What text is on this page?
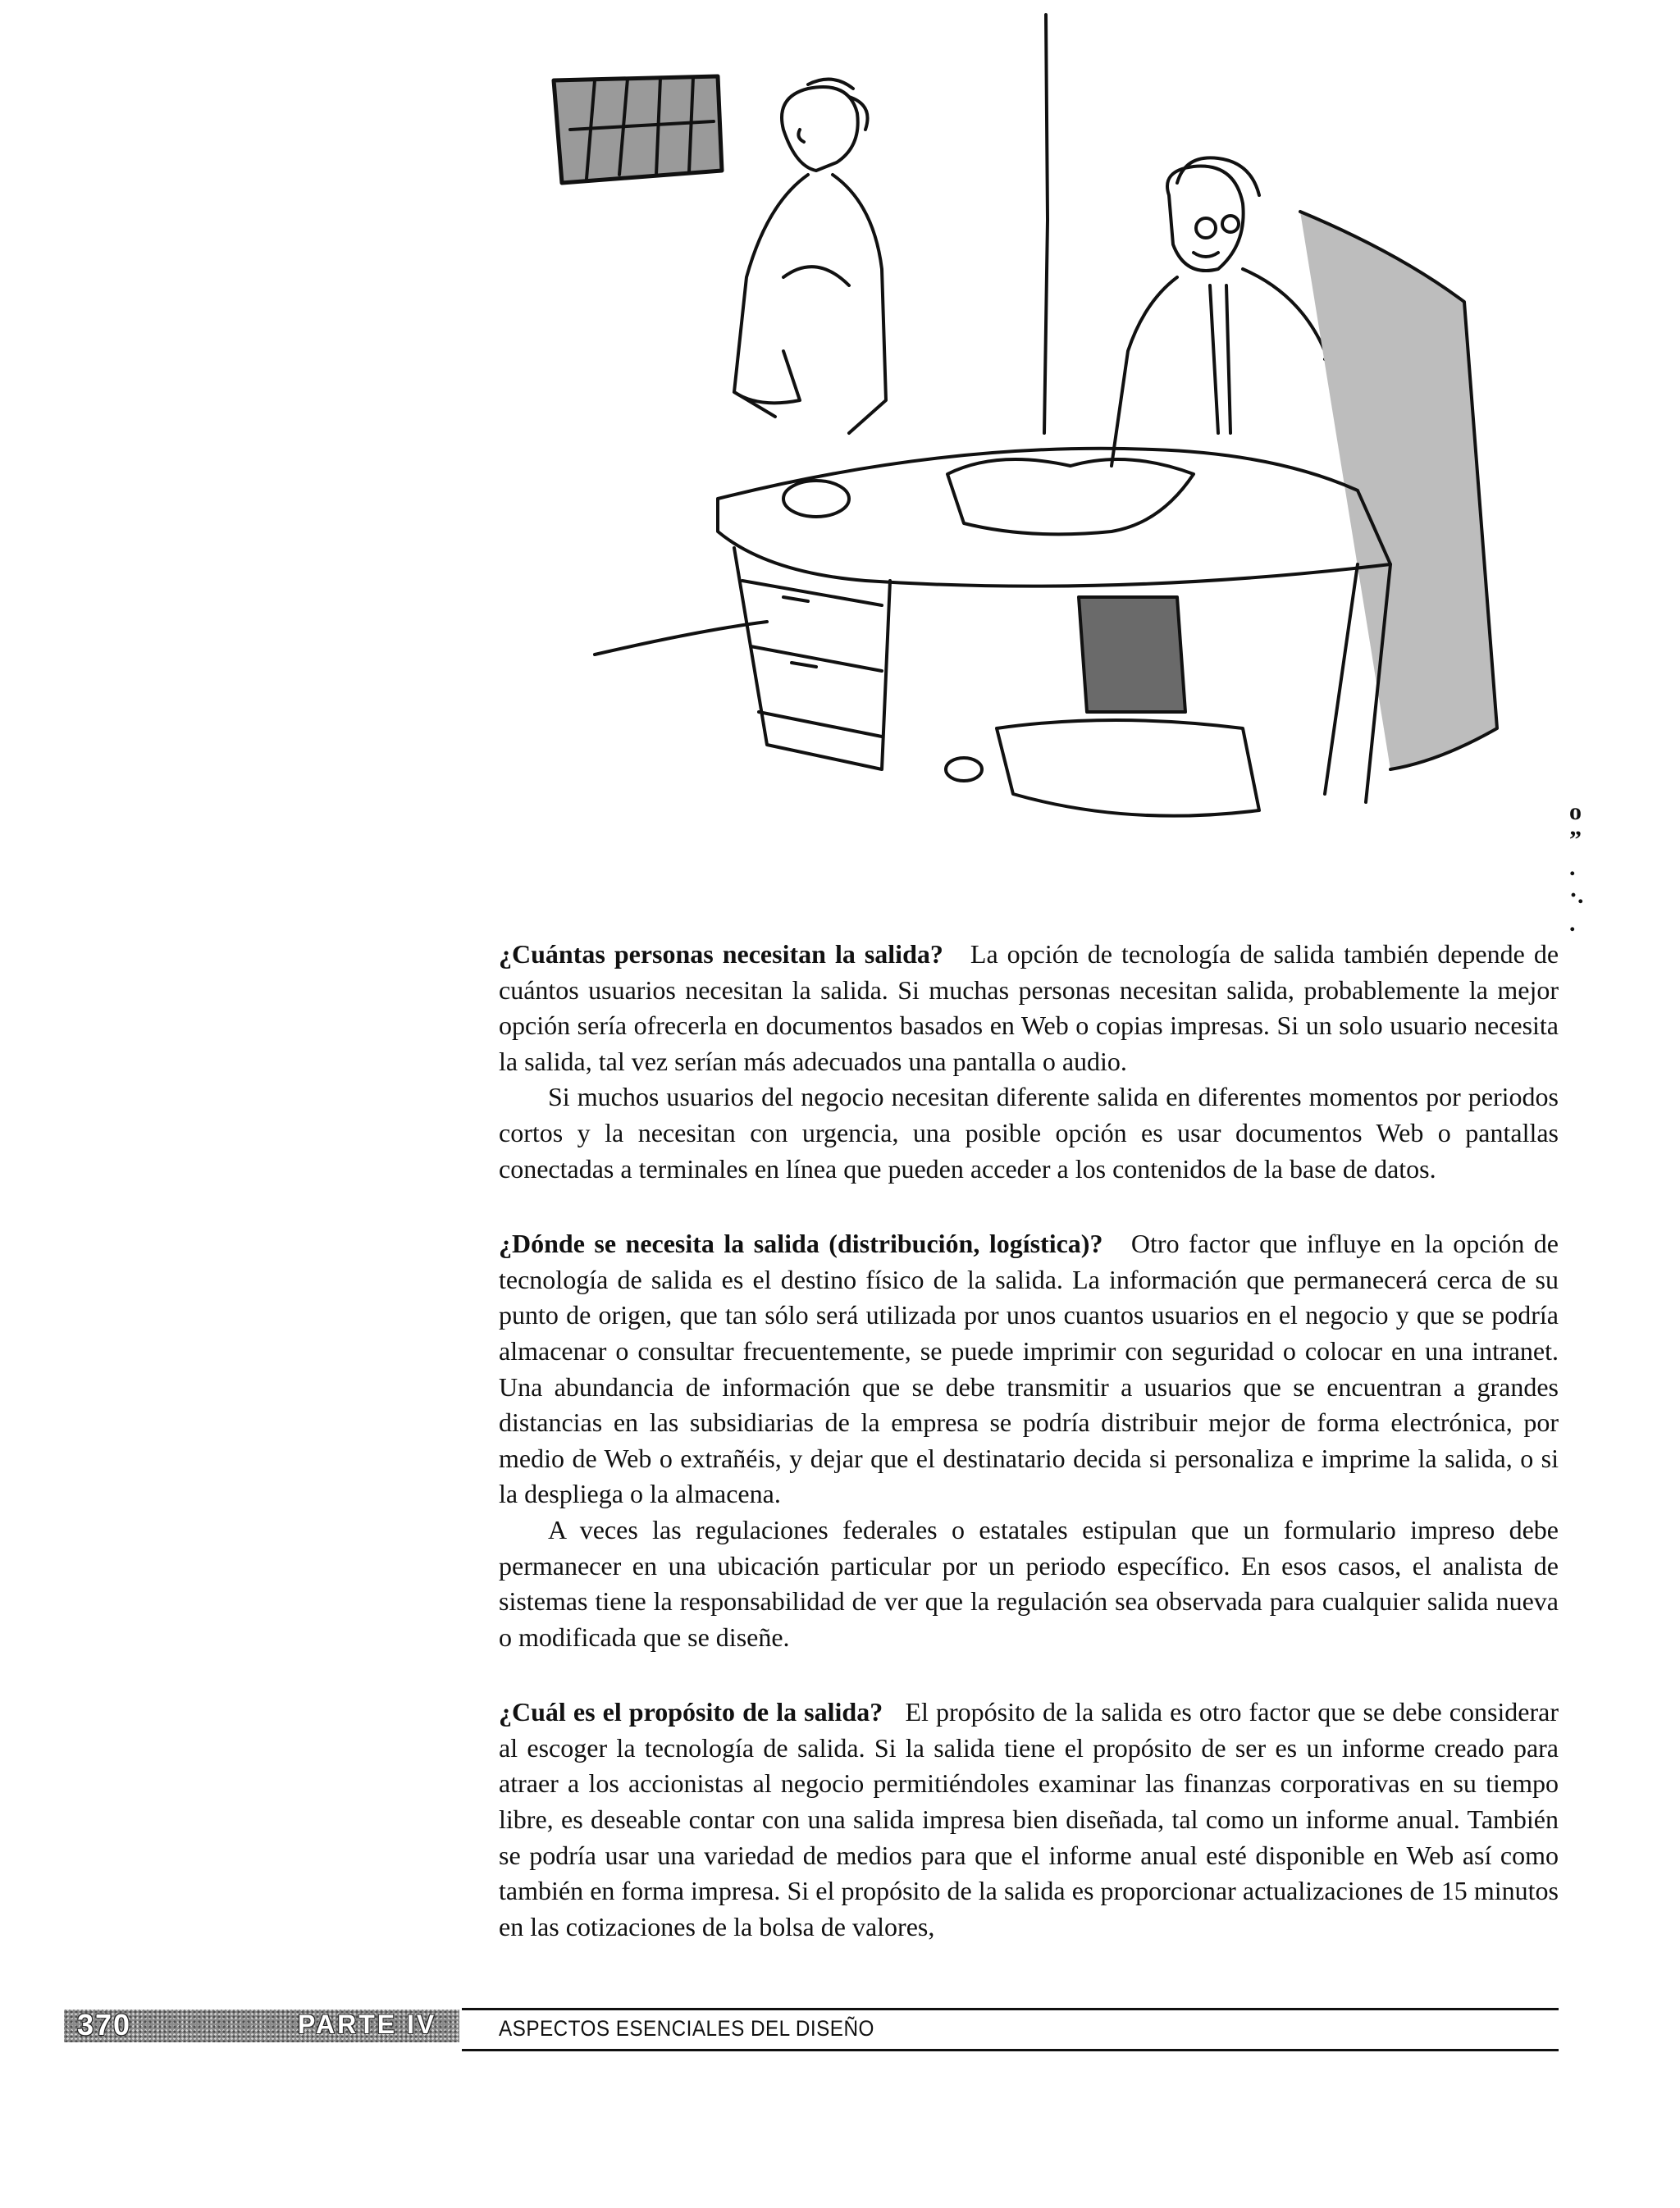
o ” . ·. .

¿Cuántas personas necesitan la salida? La opción de tecnología de salida también depende de cuántos usuarios necesitan la salida. Si muchas personas necesitan salida, probablemente la mejor opción sería ofrecerla en documentos basados en Web o copias impresas. Si un solo usuario necesita la salida, tal vez serían más adecuados una pantalla o audio.

Si muchos usuarios del negocio necesitan diferente salida en diferentes momentos por periodos cortos y la necesitan con urgencia, una posible opción es usar documentos Web o pantallas conectadas a terminales en línea que pueden acceder a los contenidos de la base de datos.

¿Dónde se necesita la salida (distribución, logística)? Otro factor que influye en la opción de tecnología de salida es el destino físico de la salida. La información que permanecerá cerca de su punto de origen, que tan sólo será utilizada por unos cuantos usuarios en el negocio y que se podría almacenar o consultar frecuentemente, se puede imprimir con seguridad o colocar en una intranet. Una abundancia de información que se debe transmitir a usuarios que se encuentran a grandes distancias en las subsidiarias de la empresa se podría distribuir mejor de forma electrónica, por medio de Web o extrañéis, y dejar que el destinatario decida si personaliza e imprime la salida, o si la despliega o la almacena.

A veces las regulaciones federales o estatales estipulan que un formulario impreso debe permanecer en una ubicación particular por un periodo específico. En esos casos, el analista de sistemas tiene la responsabilidad de ver que la regulación sea observada para cualquier salida nueva o modificada que se diseñe.

¿Cuál es el propósito de la salida? El propósito de la salida es otro factor que se debe considerar al escoger la tecnología de salida. Si la salida tiene el propósito de ser es un informe creado para atraer a los accionistas al negocio permitiéndoles examinar las finanzas corporativas en su tiempo libre, es deseable contar con una salida impresa bien diseñada, tal como un informe anual. También se podría usar una variedad de medios para que el informe anual esté disponible en Web así como también en forma impresa. Si el propósito de la salida es proporcionar actualizaciones de 15 minutos en las cotizaciones de la bolsa de valores,

370	PARTE IV	ASPECTOS ESENCIALES DEL DISEÑO
